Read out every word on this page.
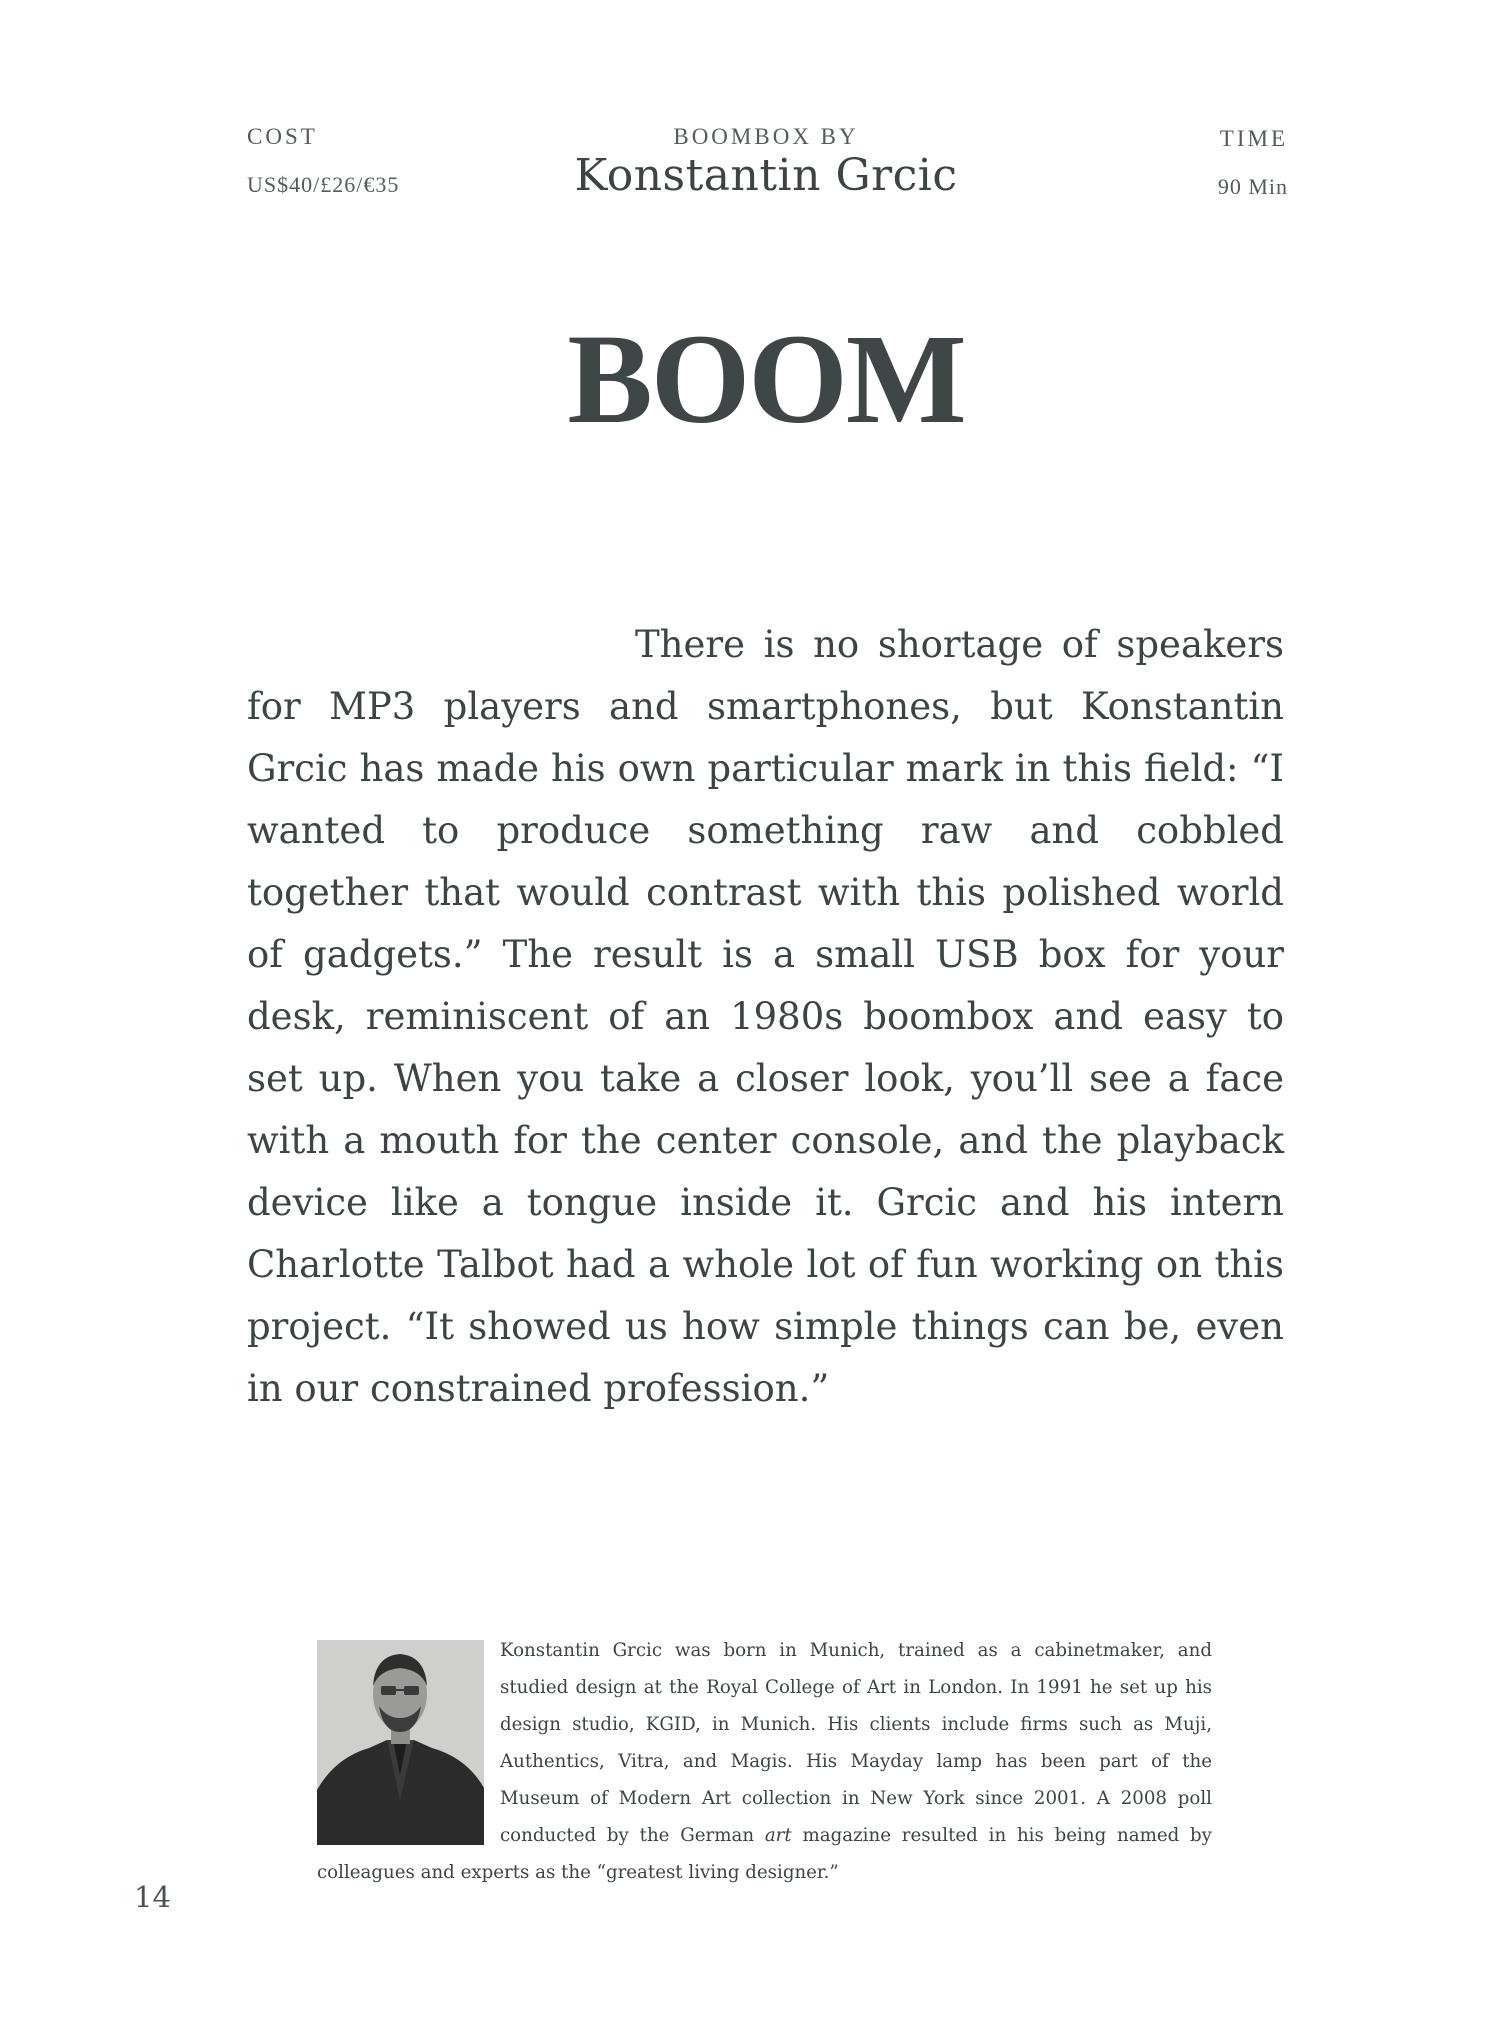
COST
US$40/£26/€35
BOOMBOX BY
Konstantin Grcic
TIME
90 Min
BOOM

There is no shortage of speakers for MP3 players and smartphones, but Konstantin Grcic has made his own particular mark in this field: “I wanted to produce something raw and cobbled together that would contrast with this polished world of gadgets.” The result is a small USB box for your desk, reminiscent of an 1980s boombox and easy to set up. When you take a closer look, you’ll see a face with a mouth for the center console, and the playback device like a tongue inside it. Grcic and his intern Charlotte Talbot had a whole lot of fun working on this project. “It showed us how simple things can be, even in our constrained profession.”

Konstantin Grcic was born in Munich, trained as a cabinetmaker, and studied design at the Royal College of Art in London. In 1991 he set up his design studio, KGID, in Munich. His clients include firms such as Muji, Authentics, Vitra, and Magis. His Mayday lamp has been part of the Museum of Modern Art collection in New York since 2001. A 2008 poll conducted by the German art magazine resulted in his being named by colleagues and experts as the “greatest living designer.”

14
